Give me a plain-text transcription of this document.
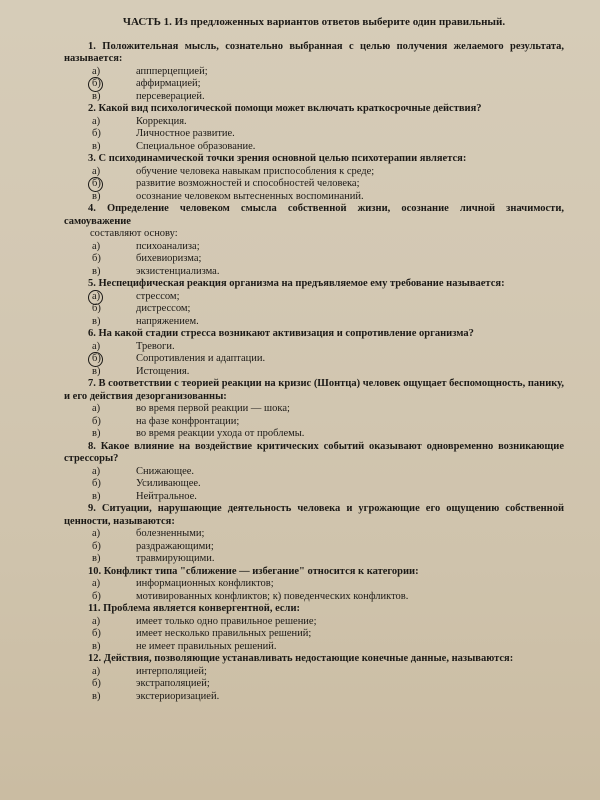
ЧАСТЬ 1. Из предложенных вариантов ответов выберите один правильный.

1. Положительная мысль, сознательно выбранная с целью получения желаемого результата, называется:

а)	аппперцепцией;
б)	аффирмацией;
в)	персеверацией.

2. Какой вид психологической помощи может включать краткосрочные действия?

а)	Коррекция.
б)	Личностное развитие.
в)	Специальное образование.

3. С психодинамической точки зрения основной целью психотерапии является:

а)	обучение человека навыкам приспособления к среде;
б)	развитие возможностей и способностей человека;
в)	осознание человеком вытесненных воспоминаний.

4. Определение человеком смысла собственной жизни, осознание личной значимости, самоуважение

составляют основу:

а)	психоанализа;
б)	бихевиоризма;
в)	экзистенциализма.

5. Неспецифическая реакция организма на предъявляемое ему требование называется:

а)	стрессом;
б)	дистрессом;
в)	напряжением.

6. На какой стадии стресса возникают активизация и сопротивление организма?

а)	Тревоги.
б)	Сопротивления и адаптации.
в)	Истощения.

7. В соответствии с теорией реакции на кризис (Шонтца) человек ощущает беспомощность, панику, и его действия дезорганизованны:

а)	во время первой реакции — шока;
б)	на фазе конфронтации;
в)	во время реакции ухода от проблемы.

8. Какое влияние на воздействие критических событий оказывают одновременно возникающие стрессоры?

а)	Снижающее.
б)	Усиливающее.
в)	Нейтральное.

9. Ситуации, нарушающие деятельность человека и угрожающие его ощущению собственной ценности, называются:

а)	болезненными;
б)	раздражающими;
в)	травмирующими.

10. Конфликт типа "сближение — избегание" относится к категории:

а)	информационных конфликтов;
б)	мотивированных конфликтов; к) поведенческих конфликтов.

11. Проблема является конвергентной, если:

а)	имеет только одно правильное решение;
б)	имеет несколько правильных решений;
в)	не имеет правильных решений.

12. Действия, позволяющие устанавливать недостающие конечные данные, называются:

а)	интерполяцией;
б)	экстраполяцией;
в)	экстериоризацией.
